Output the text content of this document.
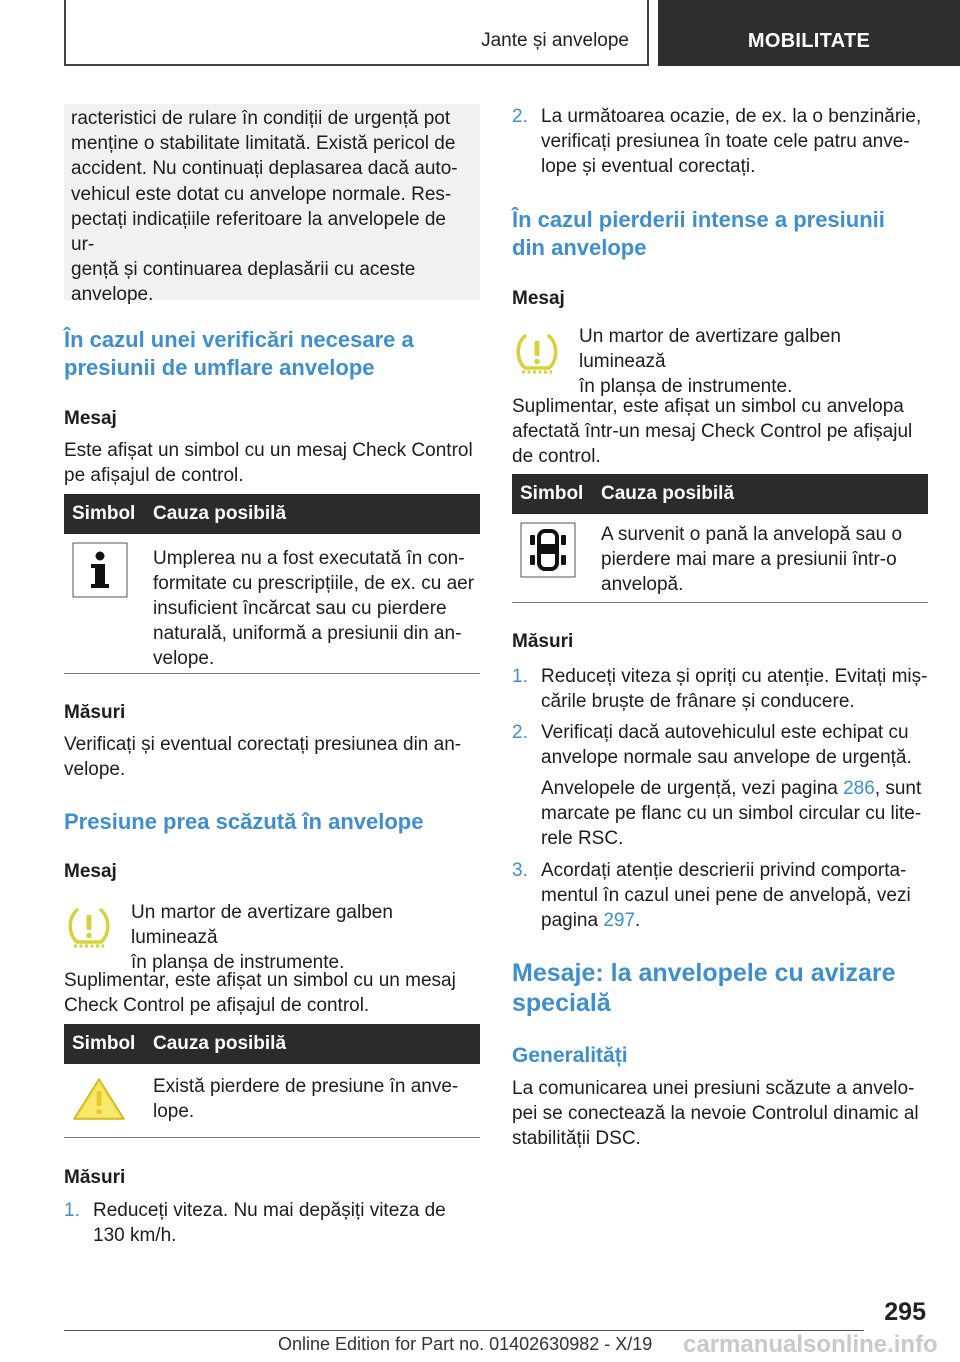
Jante și anvelope	MOBILITATE
racteristici de rulare în condiții de urgență pot
menține o stabilitate limitată. Există pericol de
accident. Nu continuați deplasarea dacă auto-
vehicul este dotat cu anvelope normale. Res-
pectați indicațiile referitoare la anvelopele de ur-
gență și continuarea deplasării cu aceste
anvelope.
În cazul unei verificări necesare a
presiunii de umflare anvelope
Mesaj
Este afișat un simbol cu un mesaj Check Control
pe afișajul de control.
Simbol Cauza posibilă
Umplerea nu a fost executată în con-
formitate cu prescripțiile, de ex. cu aer
insuficient încărcat sau cu pierdere
naturală, uniformă a presiunii din an-
velope.
Măsuri
Verificați și eventual corectați presiunea din an-
velope.
Presiune prea scăzută în anvelope
Mesaj
Un martor de avertizare galben luminează
în planșa de instrumente.
Suplimentar, este afișat un simbol cu un mesaj
Check Control pe afișajul de control.
Simbol Cauza posibilă
Există pierdere de presiune în anve-
lope.
Măsuri
1. Reduceți viteza. Nu mai depășiți viteza de
130 km/h.
2. La următoarea ocazie, de ex. la o benzinărie,
verificați presiunea în toate cele patru anve-
lope și eventual corectați.
În cazul pierderii intense a presiunii
din anvelope
Mesaj
Un martor de avertizare galben luminează
în planșa de instrumente.
Suplimentar, este afișat un simbol cu anvelopa
afectată într-un mesaj Check Control pe afișajul
de control.
Simbol Cauza posibilă
A survenit o pană la anvelopă sau o
pierdere mai mare a presiunii într-o
anvelopă.
Măsuri
1. Reduceți viteza și opriți cu atenție. Evitați miș-
cările bruște de frânare și conducere.
2. Verificați dacă autovehiculul este echipat cu
anvelope normale sau anvelope de urgență.
Anvelopele de urgență, vezi pagina 286, sunt
marcate pe flanc cu un simbol circular cu lite-
rele RSC.
3. Acordați atenție descrierii privind comporta-
mentul în cazul unei pene de anvelopă, vezi
pagina 297.
Mesaje: la anvelopele cu avizare
specială
Generalități
La comunicarea unei presiuni scăzute a anvelo-
pei se conectează la nevoie Controlul dinamic al
stabilității DSC.
295
Online Edition for Part no. 01402630982 - X/19 carmanualsonline.info
